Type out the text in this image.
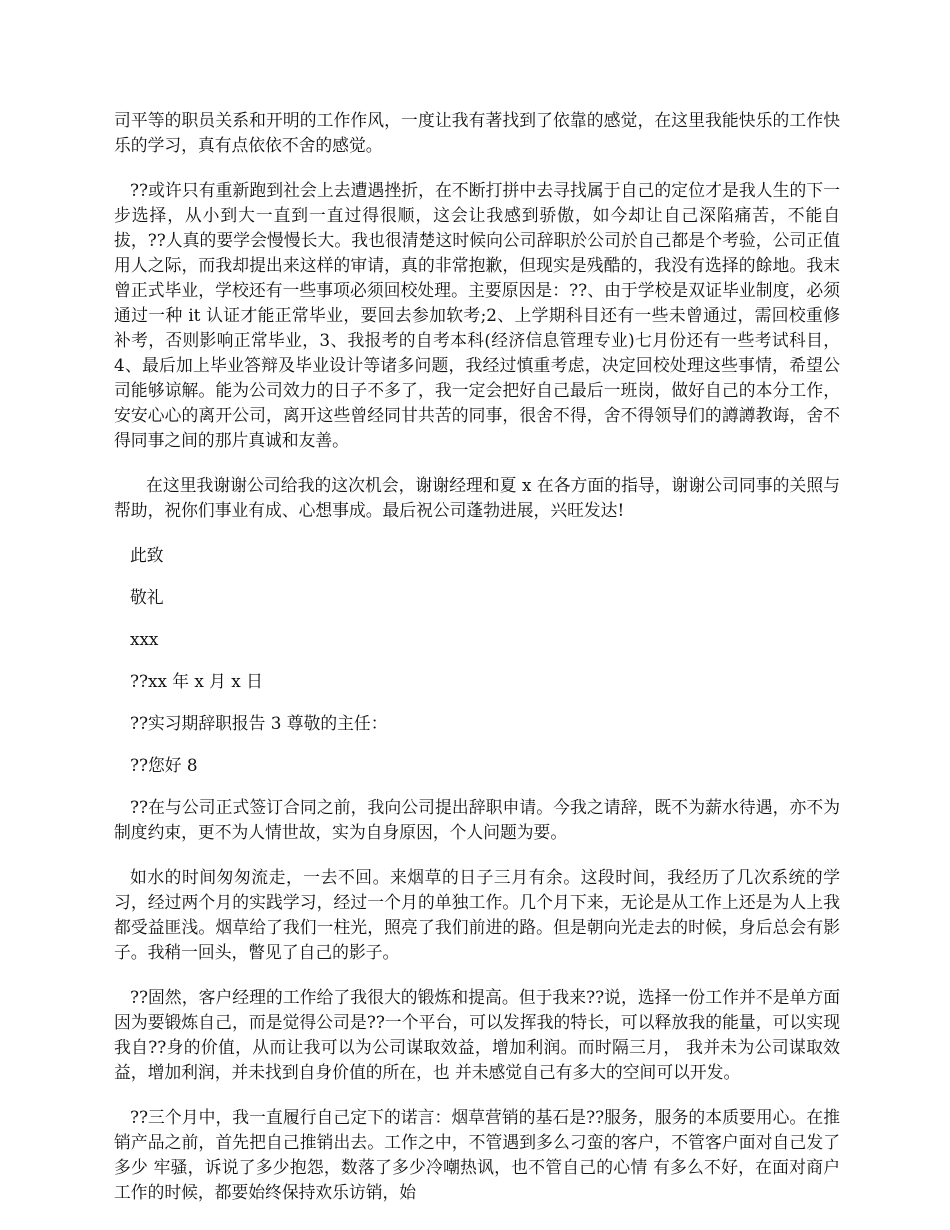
司平等的职员关系和开明的工作作风，一度让我有著找到了依靠的感觉，在这里我能快乐的工作快乐的学习，真有点依依不舍的感觉。

??或许只有重新跑到社会上去遭遇挫折，在不断打拼中去寻找属于自己的定位才是我人生的下一步选择，从小到大一直到一直过得很顺，这会让我感到骄傲，如今却让自己深陷痛苦，不能自拔，??人真的要学会慢慢长大。我也很清楚这时候向公司辞职於公司於自己都是个考验，公司正值用人之际，而我却提出来这样的审请，真的非常抱歉，但现实是残酷的，我没有选择的餘地。我末曾正式毕业，学校还有一些事项必须回校处理。主要原因是：??、由于学校是双证毕业制度，必须通过一种 it 认证才能正常毕业，要回去参加软考;2、上学期科目还有一些未曾通过，需回校重修补考，否则影响正常毕业，3、我报考的自考本科(经济信息管理专业)七月份还有一些考试科目，4、最后加上毕业答辩及毕业设计等诸多问题，我经过慎重考虑，决定回校处理这些事情，希望公司能够谅解。能为公司效力的日子不多了，我一定会把好自己最后一班岗，做好自己的本分工作，安安心心的离开公司，离开这些曾经同甘共苦的同事，很舍不得，舍不得领导们的譐譐教诲，舍不得同事之间的那片真诚和友善。

在这里我谢谢公司给我的这次机会，谢谢经理和夏 x 在各方面的指导，谢谢公司同事的关照与帮助，祝你们事业有成、心想事成。最后祝公司蓬勃进展，兴旺发达!

此致

敬礼

xxx

??xx 年 x 月 x 日

??实习期辞职报告 3 尊敬的主任：

??您好 8

??在与公司正式签订合同之前，我向公司提出辞职申请。今我之请辞，既不为薪水待遇，亦不为制度约束，更不为人情世故，实为自身原因，个人问题为要。

如水的时间匆匆流走，一去不回。来烟草的日子三月有余。这段时间，我经历了几次系统的学习，经过两个月的实践学习，经过一个月的单独工作。几个月下来，无论是从工作上还是为人上我都受益匪浅。烟草给了我们一柱光，照亮了我们前进的路。但是朝向光走去的时候，身后总会有影子。我稍一回头，瞥见了自己的影子。

??固然，客户经理的工作给了我很大的锻炼和提高。但于我来??说，选择一份工作并不是单方面因为要锻炼自己，而是觉得公司是??一个平台，可以发挥我的特长，可以释放我的能量，可以实现我自??身的价值，从而让我可以为公司谋取效益，增加利润。而时隔三月， 我并未为公司谋取效益，增加利润，并未找到自身价值的所在，也 并未感觉自己有多大的空间可以开发。

??三个月中，我一直履行自己定下的诺言：烟草营销的基石是??服务，服务的本质要用心。在推销产品之前，首先把自己推销出去。工作之中，不管遇到多么刁蛮的客户，不管客户面对自己发了多少 牢骚，诉说了多少抱怨，数落了多少冷嘲热讽，也不管自己的心情 有多么不好，在面对商户工作的时候，都要始终保持欢乐访销，始
